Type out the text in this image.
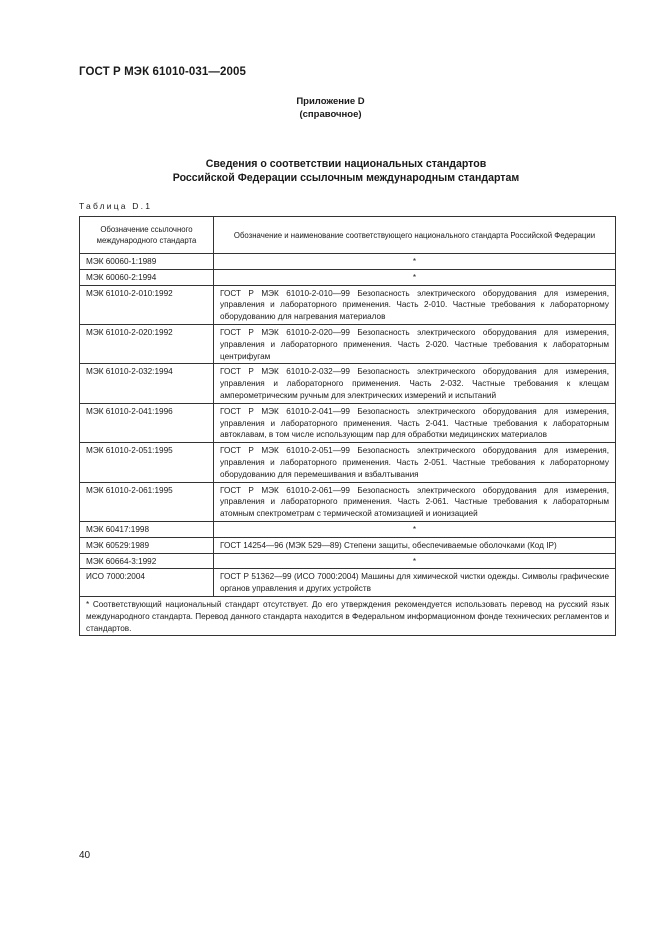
ГОСТ Р МЭК 61010-031—2005
Приложение D
(справочное)
Сведения о соответствии национальных стандартов
Российской Федерации ссылочным международным стандартам
Таблица D.1
Обозначение ссылочного международного стандарта	Обозначение и наименование соответствующего национального стандарта Российской Федерации
МЭК 60060-1:1989	*
МЭК 60060-2:1994	*
МЭК 61010-2-010:1992	ГОСТ Р МЭК 61010-2-010—99 Безопасность электрического оборудования для измерения, управления и лабораторного применения. Часть 2-010. Частные требования к лабораторному оборудованию для нагревания материалов
МЭК 61010-2-020:1992	ГОСТ Р МЭК 61010-2-020—99 Безопасность электрического оборудования для измерения, управления и лабораторного применения. Часть 2-020. Частные требования к лабораторным центрифугам
МЭК 61010-2-032:1994	ГОСТ Р МЭК 61010-2-032—99 Безопасность электрического оборудования для измерения, управления и лабораторного применения. Часть 2-032. Частные требования к клещам амперометрическим ручным для электрических измерений и испытаний
МЭК 61010-2-041:1996	ГОСТ Р МЭК 61010-2-041—99 Безопасность электрического оборудования для измерения, управления и лабораторного применения. Часть 2-041. Частные требования к лабораторным автоклавам, в том числе использующим пар для обработки медицинских материалов
МЭК 61010-2-051:1995	ГОСТ Р МЭК 61010-2-051—99 Безопасность электрического оборудования для измерения, управления и лабораторного применения. Часть 2-051. Частные требования к лабораторному оборудованию для перемешивания и взбалтывания
МЭК 61010-2-061:1995	ГОСТ Р МЭК 61010-2-061—99 Безопасность электрического оборудования для измерения, управления и лабораторного применения. Часть 2-061. Частные требования к лабораторным атомным спектрометрам с термической атомизацией и ионизацией
МЭК 60417:1998	*
МЭК 60529:1989	ГОСТ 14254—96 (МЭК 529—89) Степени защиты, обеспечиваемые оболочками (Код IP)
МЭК 60664-3:1992	*
ИСО 7000:2004	ГОСТ Р 51362—99 (ИСО 7000:2004) Машины для химической чистки одежды. Символы графические органов управления и других устройств
* Соответствующий национальный стандарт отсутствует. До его утверждения рекомендуется использовать перевод на русский язык международного стандарта. Перевод данного стандарта находится в Федеральном информационном фонде технических регламентов и стандартов.	
40
